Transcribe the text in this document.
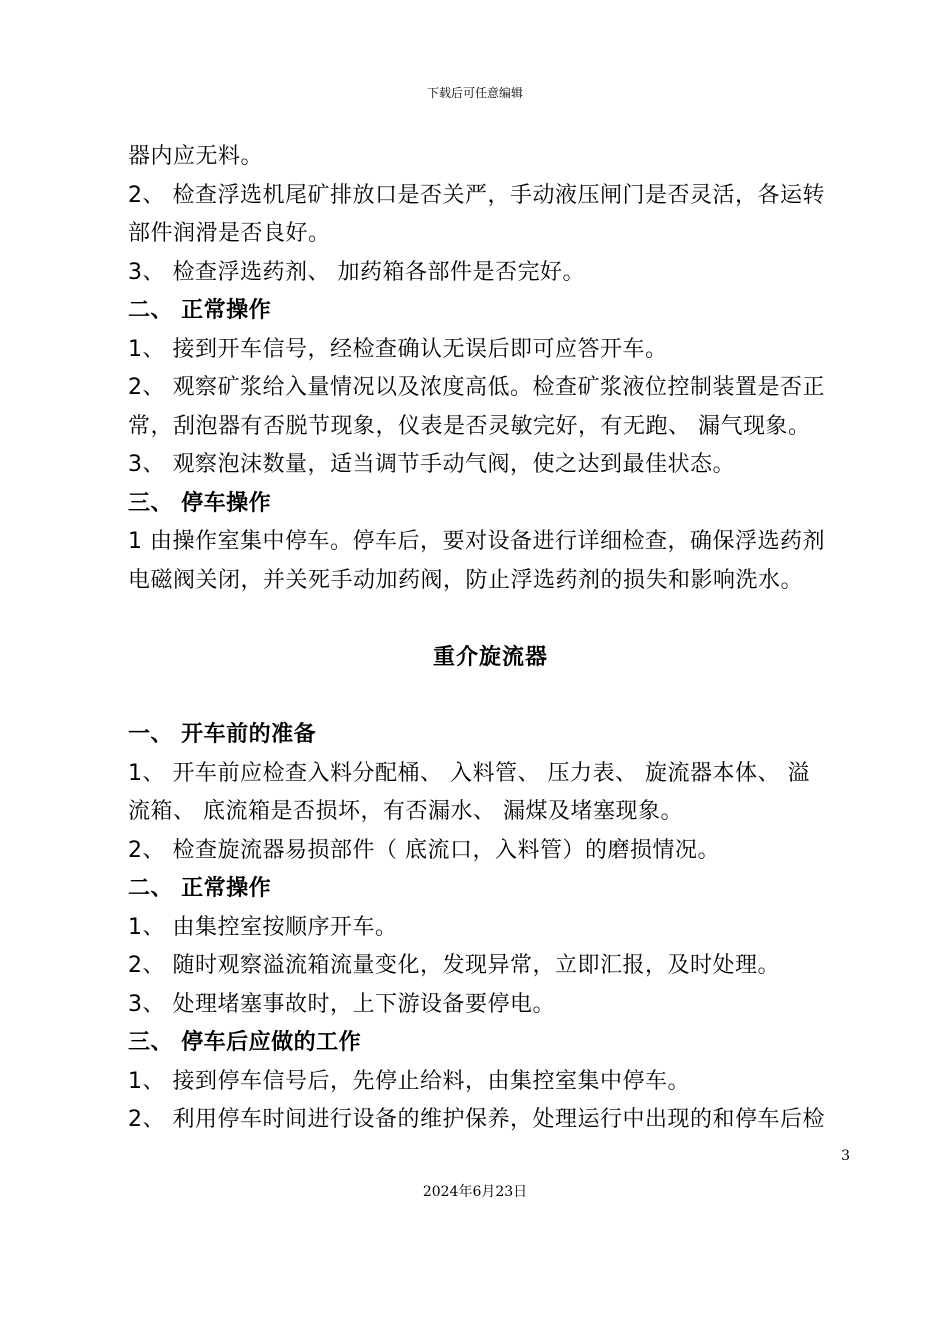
下载后可任意编辑
器内应无料。
2、 检查浮选机尾矿排放口是否关严，手动液压闸门是否灵活，各运转
部件润滑是否良好。
3、 检查浮选药剂、 加药箱各部件是否完好。
二、 正常操作
1、 接到开车信号，经检查确认无误后即可应答开车。
2、 观察矿浆给入量情况以及浓度高低。检查矿浆液位控制装置是否正
常，刮泡器有否脱节现象，仪表是否灵敏完好，有无跑、 漏气现象。
3、 观察泡沫数量，适当调节手动气阀，使之达到最佳状态。
三、 停车操作
1 由操作室集中停车。停车后，要对设备进行详细检查，确保浮选药剂
电磁阀关闭，并关死手动加药阀，防止浮选药剂的损失和影响洗水。
重介旋流器
一、 开车前的准备
1、 开车前应检查入料分配桶、 入料管、 压力表、 旋流器本体、 溢
流箱、 底流箱是否损坏，有否漏水、 漏煤及堵塞现象。
2、 检查旋流器易损部件（ 底流口，入料管）的磨损情况。
二、 正常操作
1、 由集控室按顺序开车。
2、 随时观察溢流箱流量变化，发现异常，立即汇报，及时处理。
3、 处理堵塞事故时，上下游设备要停电。
三、 停车后应做的工作
1、 接到停车信号后，先停止给料，由集控室集中停车。
2、 利用停车时间进行设备的维护保养，处理运行中出现的和停车后检
3
2024年6月23日
